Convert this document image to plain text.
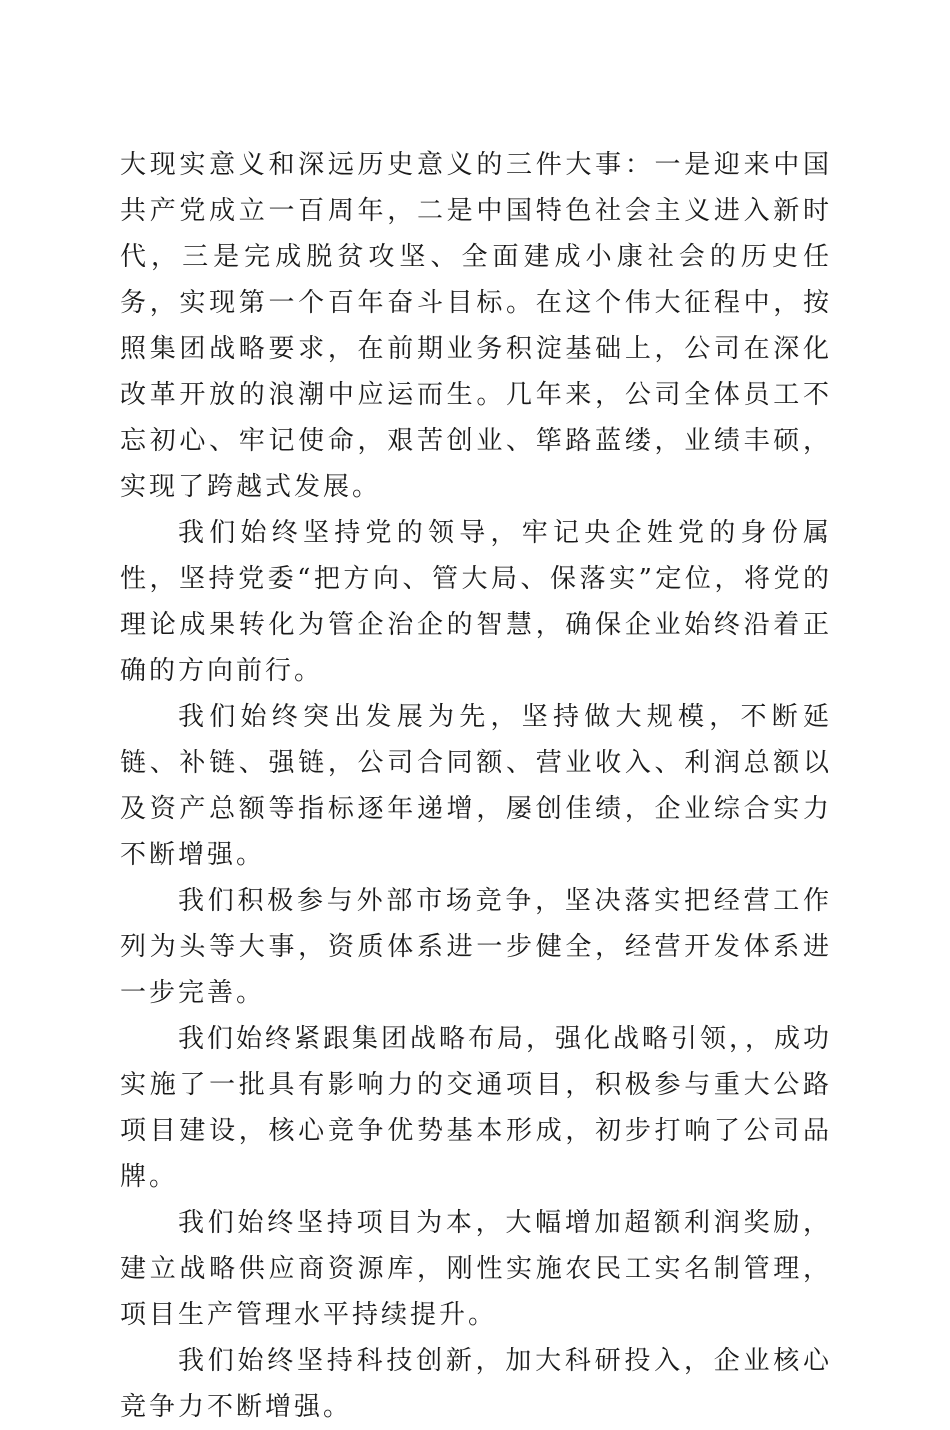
大现实意义和深远历史意义的三件大事：一是迎来中国共产党成立一百周年，二是中国特色社会主义进入新时代，三是完成脱贫攻坚、全面建成小康社会的历史任务，实现第一个百年奋斗目标。在这个伟大征程中，按照集团战略要求，在前期业务积淀基础上，公司在深化改革开放的浪潮中应运而生。几年来，公司全体员工不忘初心、牢记使命，艰苦创业、筚路蓝缕，业绩丰硕，实现了跨越式发展。

我们始终坚持党的领导，牢记央企姓党的身份属性，坚持党委“把方向、管大局、保落实”定位，将党的理论成果转化为管企治企的智慧，确保企业始终沿着正确的方向前行。

我们始终突出发展为先，坚持做大规模，不断延链、补链、强链，公司合同额、营业收入、利润总额以及资产总额等指标逐年递增，屡创佳绩，企业综合实力不断增强。

我们积极参与外部市场竞争，坚决落实把经营工作列为头等大事，资质体系进一步健全，经营开发体系进一步完善。

我们始终紧跟集团战略布局，强化战略引领，，成功实施了一批具有影响力的交通项目，积极参与重大公路项目建设，核心竞争优势基本形成，初步打响了公司品牌。

我们始终坚持项目为本，大幅增加超额利润奖励，建立战略供应商资源库，刚性实施农民工实名制管理，项目生产管理水平持续提升。

我们始终坚持科技创新，加大科研投入，企业核心竞争力不断增强。
